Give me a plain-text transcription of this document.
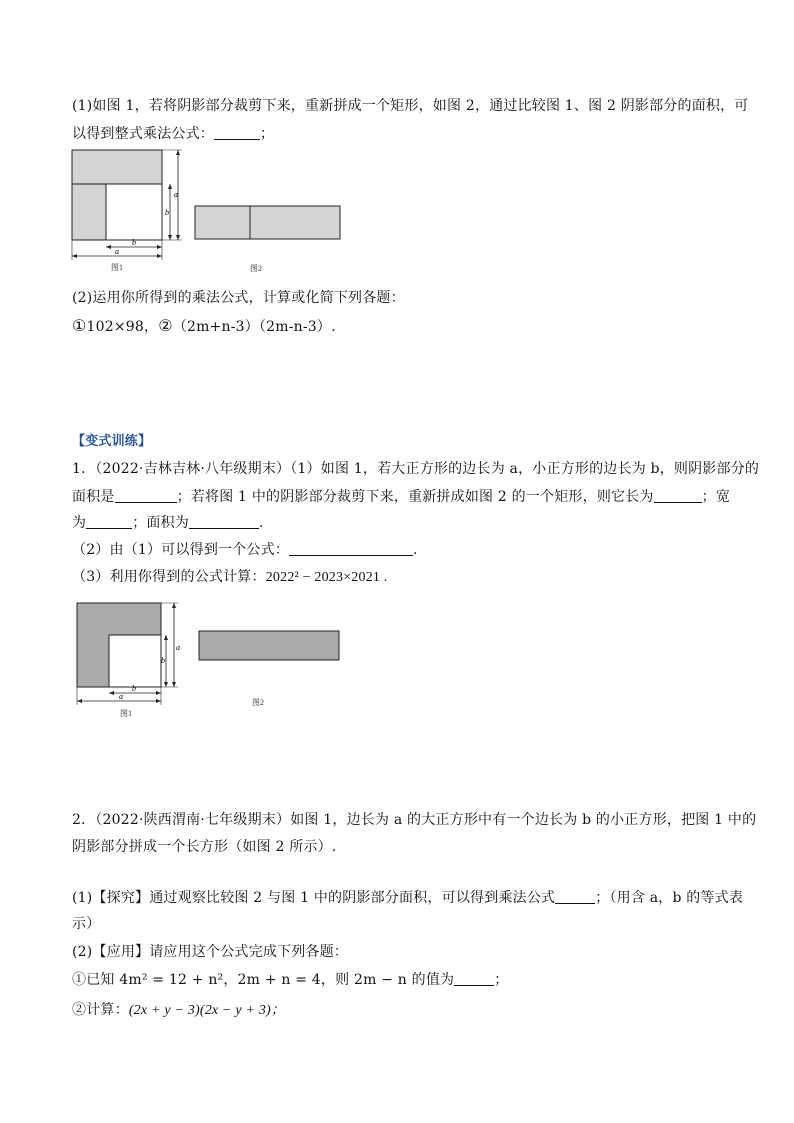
(1)如图 1，若将阴影部分裁剪下来，重新拼成一个矩形，如图 2，通过比较图 1、图 2 阴影部分的面积，可
以得到整式乘法公式：	；
a
b
b
a
图1	图2
(2)运用你所得到的乘法公式，计算或化简下列各题：
①102×98，②（2m+n-3）（2m-n-3）.
【变式训练】
1．（2022·吉林吉林·八年级期末）（1）如图 1，若大正方形的边长为 a，小正方形的边长为 b，则阴影部分的
面积是	；若将图 1 中的阴影部分裁剪下来，重新拼成如图 2 的一个矩形，则它长为	；宽
为	；面积为	.
（2）由（1）可以得到一个公式：	.
（3）利用你得到的公式计算：2022² − 2023×2021 .
a
b
b
a
图1
图2
2．（2022·陕西渭南·七年级期末）如图 1，边长为 a 的大正方形中有一个边长为 b 的小正方形，把图 1 中的
阴影部分拼成一个长方形（如图 2 所示）.
(1)【探究】通过观察比较图 2 与图 1 中的阴影部分面积，可以得到乘法公式	；（用含 a，b 的等式表
示）
(2)【应用】请应用这个公式完成下列各题：
①已知 4m² = 12 + n²，2m + n = 4，则 2m − n 的值为	；
②计算：(2x + y − 3)(2x − y + 3)；
